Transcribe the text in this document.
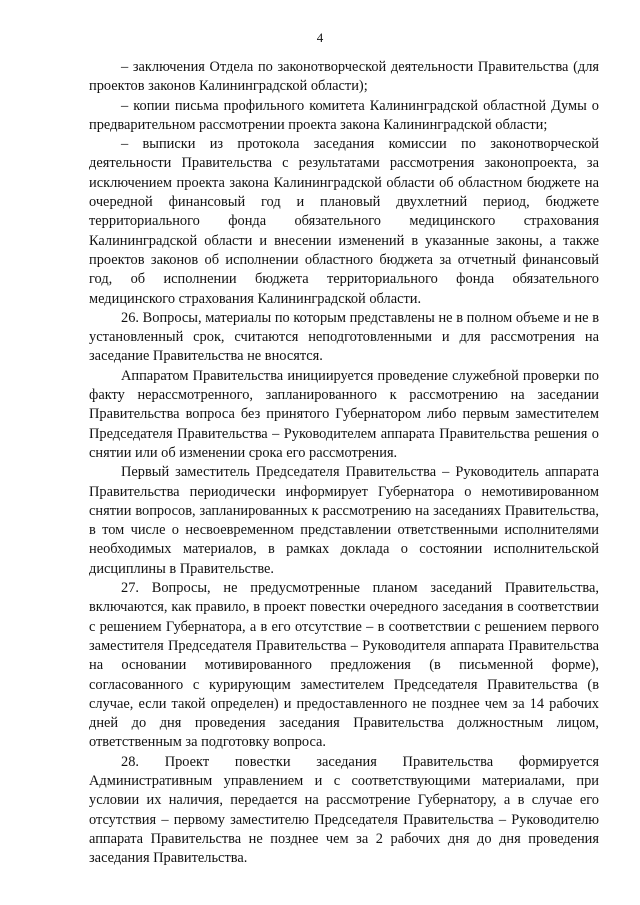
4

– заключения Отдела по законотворческой деятельности Правительства (для проектов законов Калининградской области);

– копии письма профильного комитета Калининградской областной Думы о предварительном рассмотрении проекта закона Калининградской области;

– выписки из протокола заседания комиссии по законотворческой деятельности Правительства с результатами рассмотрения законопроекта, за исключением проекта закона Калининградской области об областном бюджете на очередной финансовый год и плановый двухлетний период, бюджете территориального фонда обязательного медицинского страхования Калининградской области и внесении изменений в указанные законы, а также проектов законов об исполнении областного бюджета за отчетный финансовый год, об исполнении бюджета территориального фонда обязательного медицинского страхования Калининградской области.

26. Вопросы, материалы по которым представлены не в полном объеме и не в установленный срок, считаются неподготовленными и для рассмотрения на заседание Правительства не вносятся.

Аппаратом Правительства инициируется проведение служебной проверки по факту нерассмотренного, запланированного к рассмотрению на заседании Правительства вопроса без принятого Губернатором либо первым заместителем Председателя Правительства – Руководителем аппарата Правительства решения о снятии или об изменении срока его рассмотрения.

Первый заместитель Председателя Правительства – Руководитель аппарата Правительства периодически информирует Губернатора о немотивированном снятии вопросов, запланированных к рассмотрению на заседаниях Правительства, в том числе о несвоевременном представлении ответственными исполнителями необходимых материалов, в рамках доклада о состоянии исполнительской дисциплины в Правительстве.

27. Вопросы, не предусмотренные планом заседаний Правительства, включаются, как правило, в проект повестки очередного заседания в соответствии с решением Губернатора, а в его отсутствие – в соответствии с решением первого заместителя Председателя Правительства – Руководителя аппарата Правительства на основании мотивированного предложения (в письменной форме), согласованного с курирующим заместителем Председателя Правительства (в случае, если такой определен) и предоставленного не позднее чем за 14 рабочих дней до дня проведения заседания Правительства должностным лицом, ответственным за подготовку вопроса.

28. Проект повестки заседания Правительства формируется Административным управлением и с соответствующими материалами, при условии их наличия, передается на рассмотрение Губернатору, а в случае его отсутствия – первому заместителю Председателя Правительства – Руководителю аппарата Правительства не позднее чем за 2 рабочих дня до дня проведения заседания Правительства.
